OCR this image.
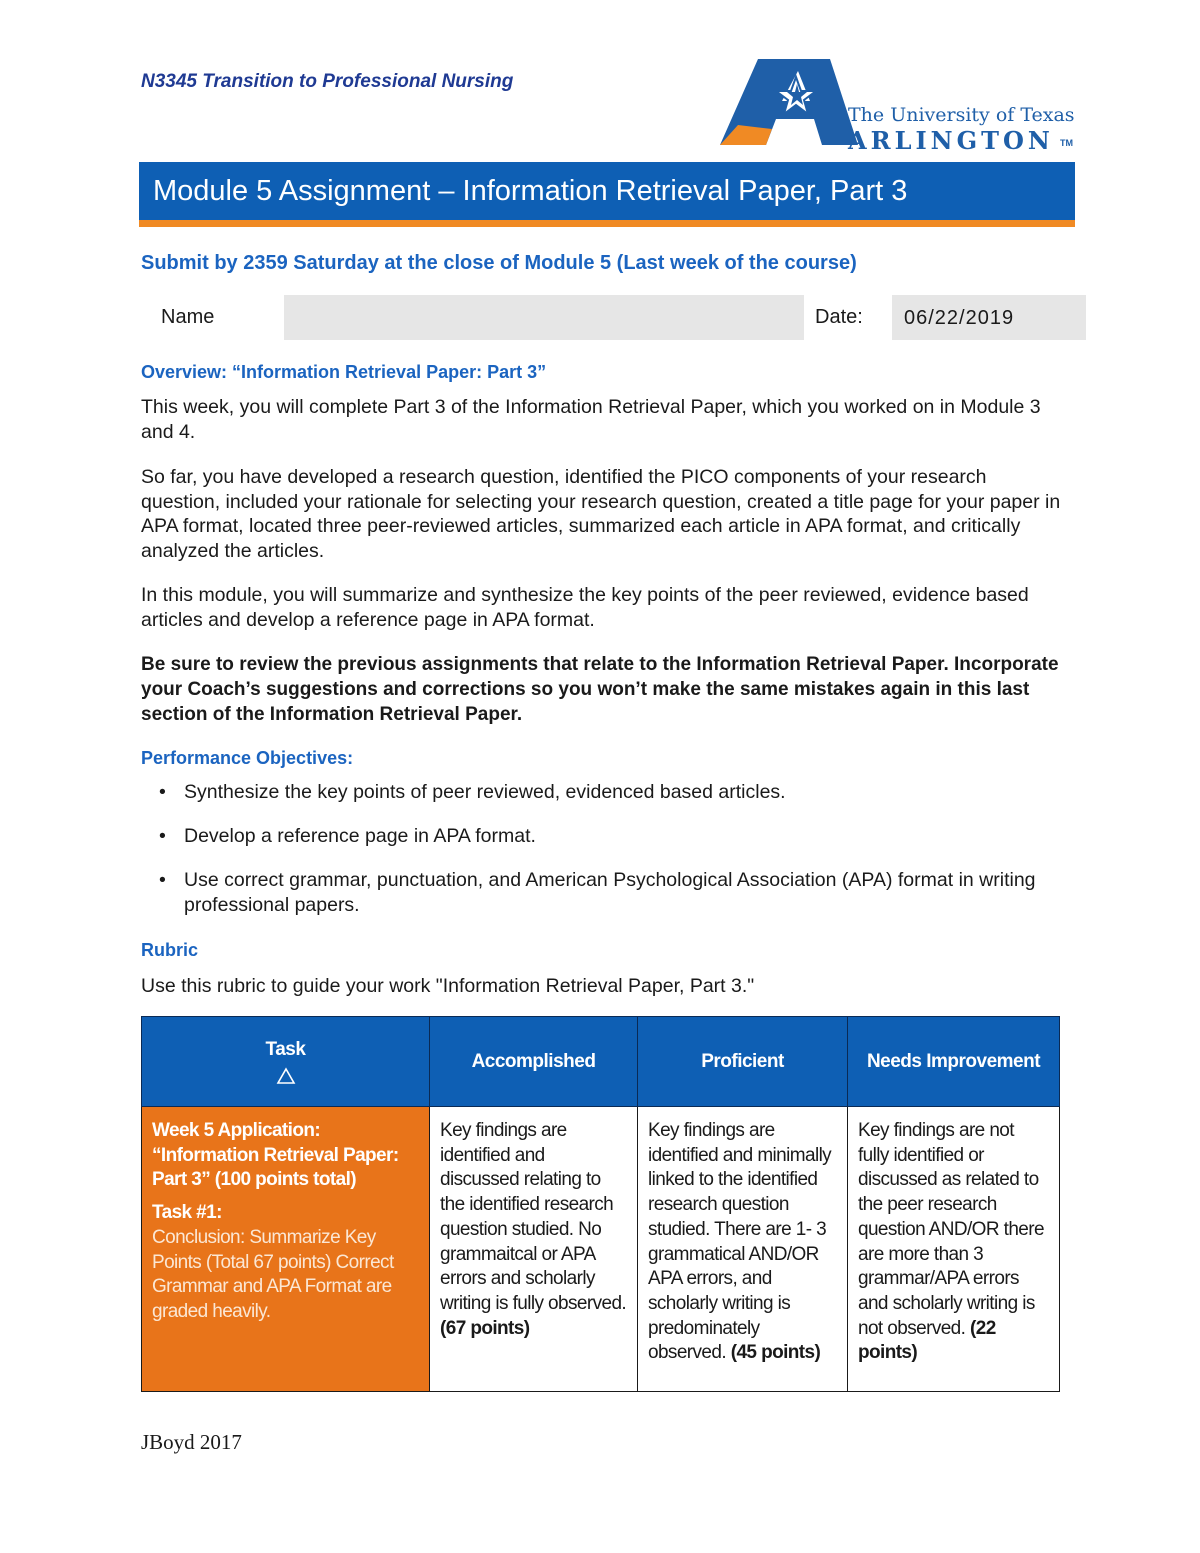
N3345 Transition to Professional Nursing
The University of Texas
ARLINGTON TM
Module 5 Assignment – Information Retrieval Paper, Part 3
Submit by 2359 Saturday at the close of Module 5 (Last week of the course)
Name	Date: 06/22/2019
Overview: “Information Retrieval Paper: Part 3”
This week, you will complete Part 3 of the Information Retrieval Paper, which you worked on in Module 3 and 4.
So far, you have developed a research question, identified the PICO components of your research question, included your rationale for selecting your research question, created a title page for your paper in APA format, located three peer-reviewed articles, summarized each article in APA format, and critically analyzed the articles.
In this module, you will summarize and synthesize the key points of the peer reviewed, evidence based articles and develop a reference page in APA format.
Be sure to review the previous assignments that relate to the Information Retrieval Paper. Incorporate your Coach’s suggestions and corrections so you won’t make the same mistakes again in this last section of the Information Retrieval Paper.
Performance Objectives:
• Synthesize the key points of peer reviewed, evidenced based articles.
• Develop a reference page in APA format.
• Use correct grammar, punctuation, and American Psychological Association (APA) format in writing professional papers.
Rubric
Use this rubric to guide your work "Information Retrieval Paper, Part 3."
Task	Accomplished	Proficient	Needs Improvement

Week 5 Application: “Information Retrieval Paper: Part 3” (100 points total)
Task #1:
Conclusion: Summarize Key Points (Total 67 points) Correct Grammar and APA Format are graded heavily.	Key findings are identified and discussed relating to the identified research question studied. No grammaitcal or APA errors and scholarly writing is fully observed. (67 points)	Key findings are identified and minimally linked to the identified research question studied. There are 1- 3 grammatical AND/OR APA errors, and scholarly writing is predominately observed. (45 points)	Key findings are not fully identified or discussed as related to the peer research question AND/OR there are more than 3 grammar/APA errors and scholarly writing is not observed. (22 points)
JBoyd 2017
